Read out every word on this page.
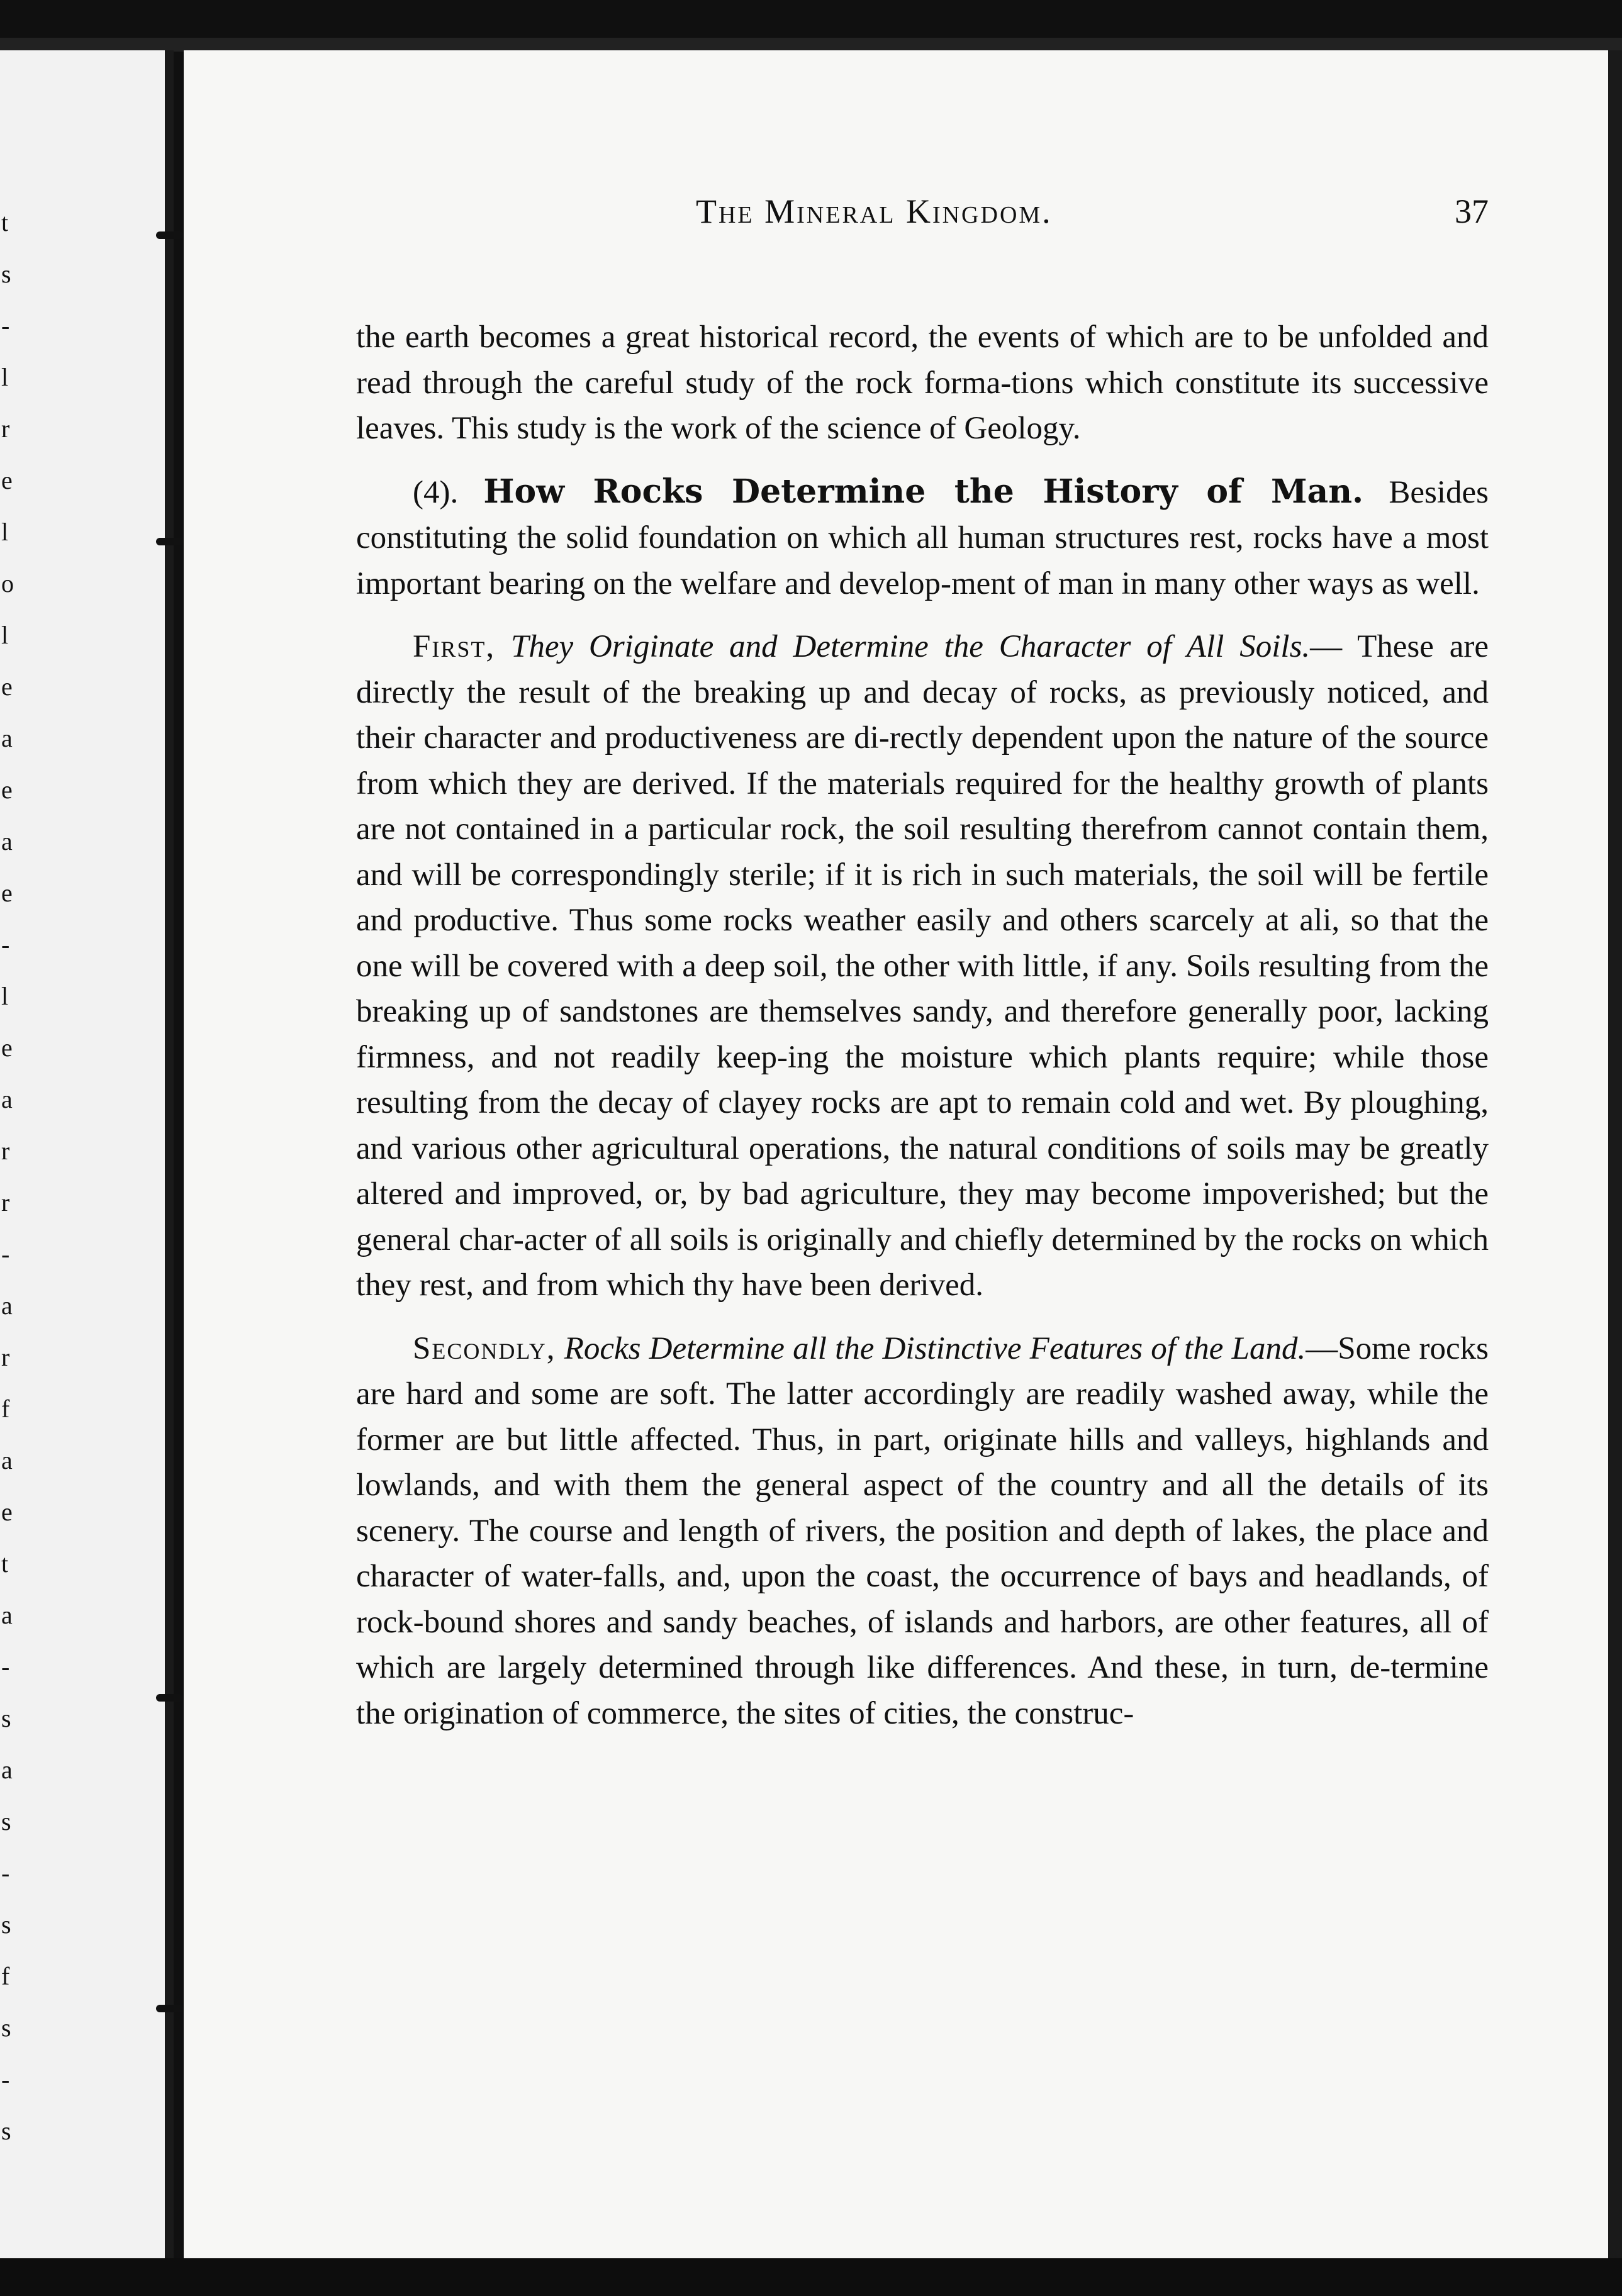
t
s
-
l
r
e
l
o
l
e
a
e
a
e
-
l
e
a
r
r
-
a
r
f
a
e
t
a
-
s
a
s
-
s
f
s
-
s
The Mineral Kingdom.	37

the earth becomes a great historical record, the events of which are to be unfolded and read through the careful study of the rock forma-tions which constitute its successive leaves. This study is the work of the science of Geology.

(4). How Rocks Determine the History of Man. Besides constituting the solid foundation on which all human structures rest, rocks have a most important bearing on the welfare and develop-ment of man in many other ways as well.

First, They Originate and Determine the Character of All Soils.— These are directly the result of the breaking up and decay of rocks, as previously noticed, and their character and productiveness are di-rectly dependent upon the nature of the source from which they are derived. If the materials required for the healthy growth of plants are not contained in a particular rock, the soil resulting therefrom cannot contain them, and will be correspondingly sterile; if it is rich in such materials, the soil will be fertile and productive. Thus some rocks weather easily and others scarcely at ali, so that the one will be covered with a deep soil, the other with little, if any. Soils resulting from the breaking up of sandstones are themselves sandy, and therefore generally poor, lacking firmness, and not readily keep-ing the moisture which plants require; while those resulting from the decay of clayey rocks are apt to remain cold and wet. By ploughing, and various other agricultural operations, the natural conditions of soils may be greatly altered and improved, or, by bad agriculture, they may become impoverished; but the general char-acter of all soils is originally and chiefly determined by the rocks on which they rest, and from which thy have been derived.

Secondly, Rocks Determine all the Distinctive Features of the Land.—Some rocks are hard and some are soft. The latter accordingly are readily washed away, while the former are but little affected. Thus, in part, originate hills and valleys, highlands and lowlands, and with them the general aspect of the country and all the details of its scenery. The course and length of rivers, the position and depth of lakes, the place and character of water-falls, and, upon the coast, the occurrence of bays and headlands, of rock-bound shores and sandy beaches, of islands and harbors, are other features, all of which are largely determined through like differences. And these, in turn, de-termine the origination of commerce, the sites of cities, the construc-
